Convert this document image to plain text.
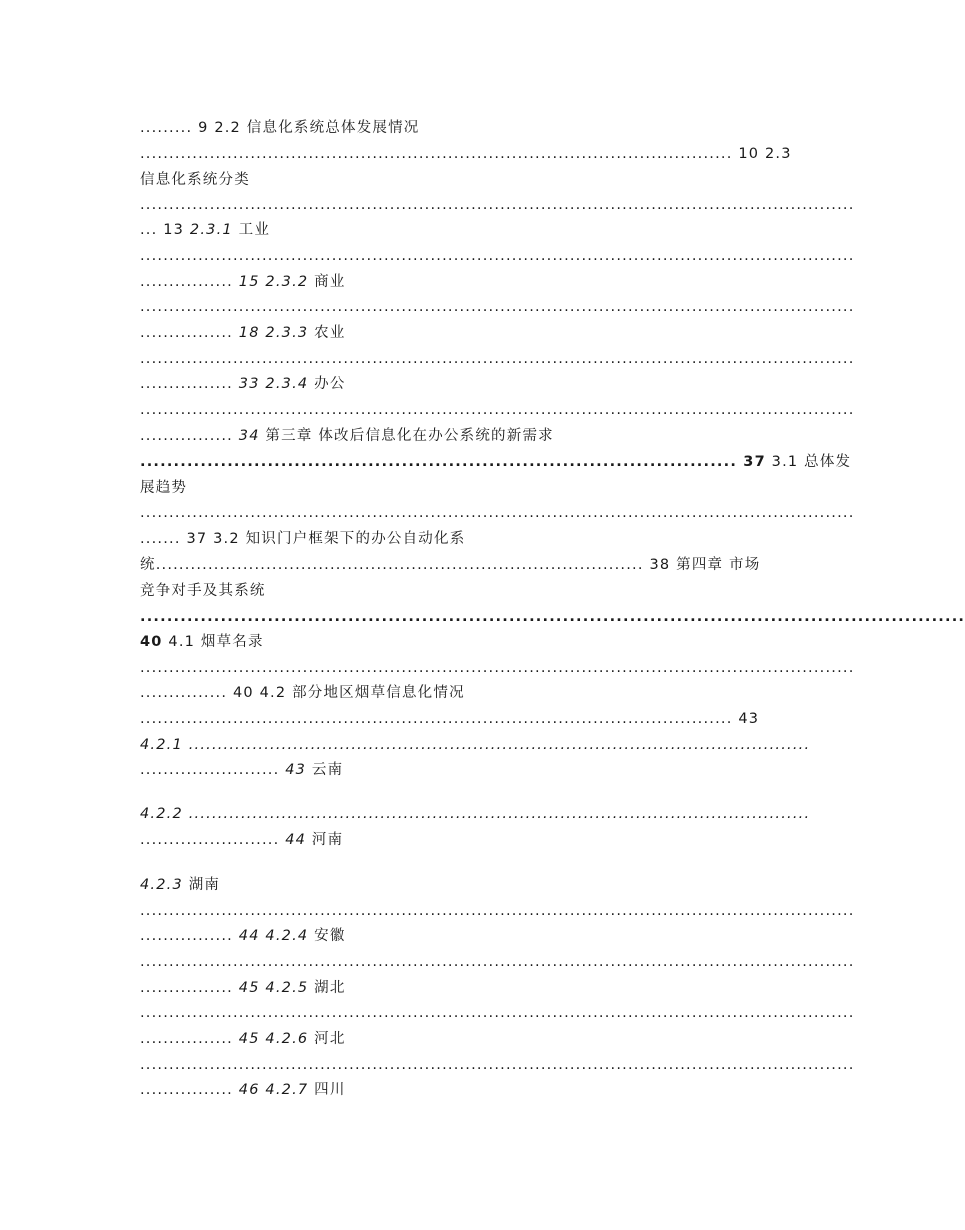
......... 9 2.2 信息化系统总体发展情况
...................................................................................................... 10 2.3
信息化系统分类
...........................................................................................................................
... 13 2.3.1 工业
...........................................................................................................................
................ 15 2.3.2 商业
...........................................................................................................................
................ 18 2.3.3 农业
...........................................................................................................................
................ 33 2.3.4 办公
...........................................................................................................................
................ 34 第三章 体改后信息化在办公系统的新需求
......................................................................................... 37 3.1 总体发
展趋势
...........................................................................................................................
....... 37 3.2 知识门户框架下的办公自动化系
统.................................................................................... 38 第四章 市场
竞争对手及其系统
...........................................................................................................................
40 4.1 烟草名录
...........................................................................................................................
............... 40 4.2 部分地区烟草信息化情况
...................................................................................................... 43
4.2.1 ...........................................................................................................
........................ 43 云南
4.2.2 ...........................................................................................................
........................ 44 河南
4.2.3 湖南
...........................................................................................................................
................ 44 4.2.4 安徽
...........................................................................................................................
................ 45 4.2.5 湖北
...........................................................................................................................
................ 45 4.2.6 河北
...........................................................................................................................
................ 46 4.2.7 四川
